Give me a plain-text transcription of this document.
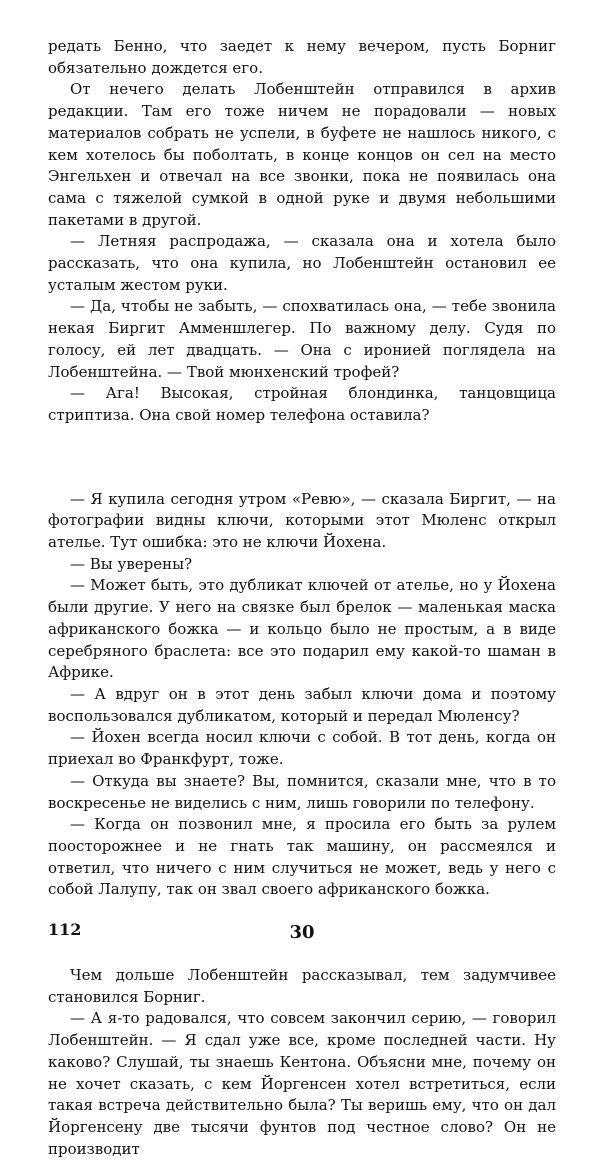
редать Бенно, что заедет к нему вечером, пусть Борниг обязательно дождется его.

От нечего делать Лобенштейн отправился в архив редакции. Там его тоже ничем не порадовали — новых материалов собрать не успели, в буфете не нашлось никого, с кем хотелось бы поболтать, в конце концов он сел на место Энгельхен и отвечал на все звонки, пока не появилась она сама с тяжелой сумкой в одной руке и двумя небольшими пакетами в другой.

— Летняя распродажа, — сказала она и хотела было рассказать, что она купила, но Лобенштейн остановил ее усталым жестом руки.

— Да, чтобы не забыть, — спохватилась она, — тебе звонила некая Биргит Амменшлегер. По важному делу. Судя по голосу, ей лет двадцать. — Она с иронией поглядела на Лобенштейна. — Твой мюнхенский трофей?

— Ага! Высокая, стройная блондинка, танцовщица стриптиза. Она свой номер телефона оставила?

— Я купила сегодня утром «Ревю», — сказала Биргит, — на фотографии видны ключи, которыми этот Мюленс открыл ателье. Тут ошибка: это не ключи Йохена.

— Вы уверены?

— Может быть, это дубликат ключей от ателье, но у Йохена были другие. У него на связке был брелок — маленькая маска африканского божка — и кольцо было не простым, а в виде серебряного браслета: все это подарил ему какой-то шаман в Африке.

— А вдруг он в этот день забыл ключи дома и поэтому воспользовался дубликатом, который и передал Мюленсу?

— Йохен всегда носил ключи с собой. В тот день, когда он приехал во Франкфурт, тоже.

— Откуда вы знаете? Вы, помнится, сказали мне, что в то воскресенье не виделись с ним, лишь говорили по телефону.

— Когда он позвонил мне, я просила его быть за рулем поосторожнее и не гнать так машину, он рассмеялся и ответил, что ничего с ним случиться не может, ведь у него с собой Лалупу, так он звал своего африканского божка.

30

Чем дольше Лобенштейн рассказывал, тем задумчивее становился Борниг.

— А я-то радовался, что совсем закончил серию, — говорил Лобенштейн. — Я сдал уже все, кроме последней части. Ну каково? Слушай, ты знаешь Кентона. Объясни мне, почему он не хочет сказать, с кем Йоргенсен хотел встретиться, если такая встреча действительно была? Ты веришь ему, что он дал Йоргенсену две тысячи фунтов под честное слово? Он не производит

112
